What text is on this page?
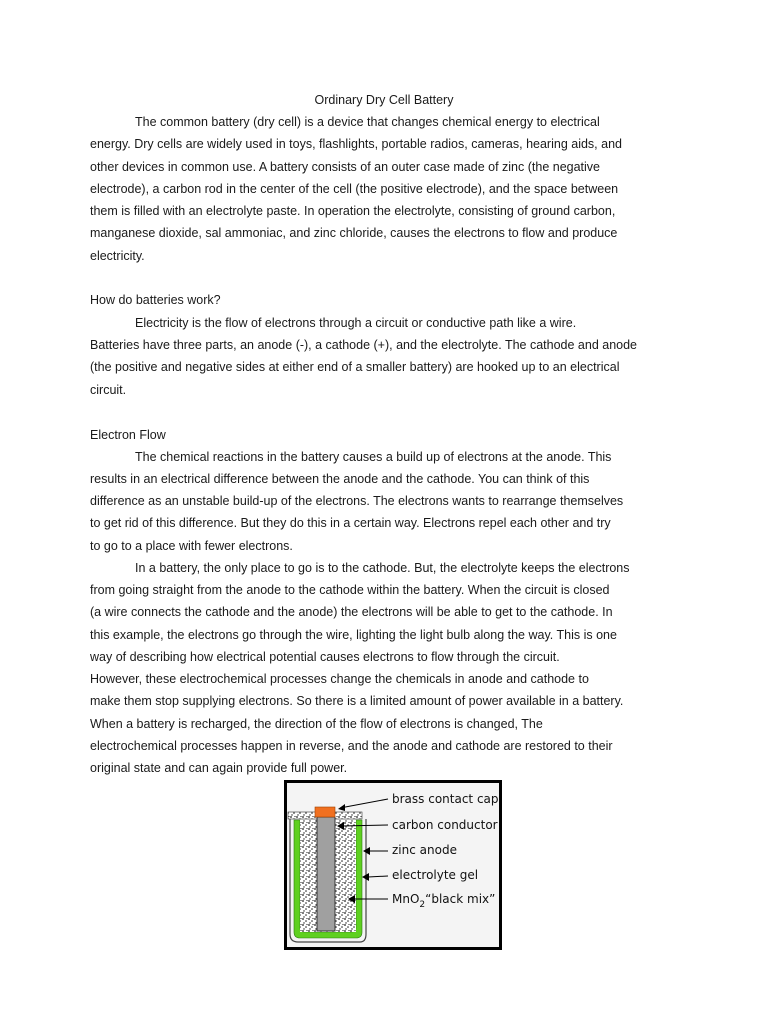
Ordinary Dry Cell Battery
The common battery (dry cell) is a device that changes chemical energy to electrical
energy. Dry cells are widely used in toys, flashlights, portable radios, cameras, hearing aids, and
other devices in common use. A battery consists of an outer case made of zinc (the negative
electrode), a carbon rod in the center of the cell (the positive electrode), and the space between
them is filled with an electrolyte paste. In operation the electrolyte, consisting of ground carbon,
manganese dioxide, sal ammoniac, and zinc chloride, causes the electrons to flow and produce
electricity.
How do batteries work?
Electricity is the flow of electrons through a circuit or conductive path like a wire.
Batteries have three parts, an anode (-), a cathode (+), and the electrolyte. The cathode and anode
(the positive and negative sides at either end of a smaller battery) are hooked up to an electrical
circuit.
Electron Flow
The chemical reactions in the battery causes a build up of electrons at the anode. This
results in an electrical difference between the anode and the cathode. You can think of this
difference as an unstable build-up of the electrons. The electrons wants to rearrange themselves
to get rid of this difference. But they do this in a certain way. Electrons repel each other and try
to go to a place with fewer electrons.
In a battery, the only place to go is to the cathode. But, the electrolyte keeps the electrons
from going straight from the anode to the cathode within the battery. When the circuit is closed
(a wire connects the cathode and the anode) the electrons will be able to get to the cathode. In
this example, the electrons go through the wire, lighting the light bulb along the way. This is one
way of describing how electrical potential causes electrons to flow through the circuit.
However, these electrochemical processes change the chemicals in anode and cathode to
make them stop supplying electrons. So there is a limited amount of power available in a battery.
When a battery is recharged, the direction of the flow of electrons is changed, The
electrochemical processes happen in reverse, and the anode and cathode are restored to their
original state and can again provide full power.
brass contact cap
carbon conductor
zinc anode
electrolyte gel
MnO$_2$“black mix”
